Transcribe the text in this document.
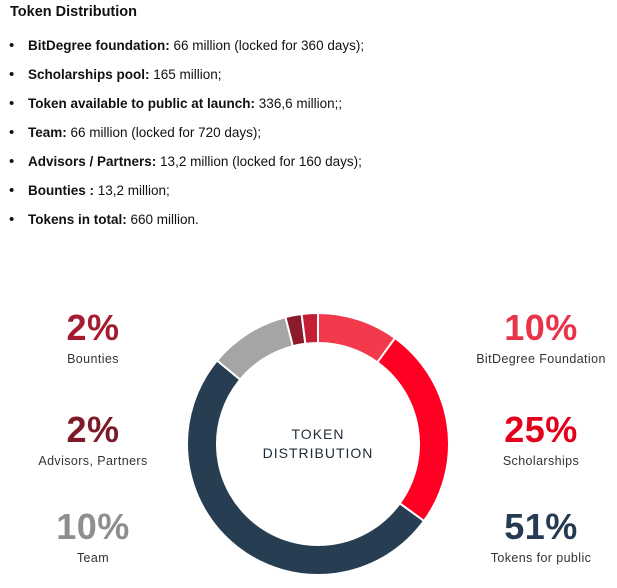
Token Distribution
• BitDegree foundation: 66 million (locked for 360 days);
• Scholarships pool: 165 million;
• Token available to public at launch: 336,6 million;;
• Team: 66 million (locked for 720 days);
• Advisors / Partners: 13,2 million (locked for 160 days);
• Bounties : 13,2 million;
• Tokens in total: 660 million.
2%
Bounties
2%
Advisors, Partners
10%
Team
10%
BitDegree Foundation
25%
Scholarships
51%
Tokens for public
TOKEN
DISTRIBUTION
